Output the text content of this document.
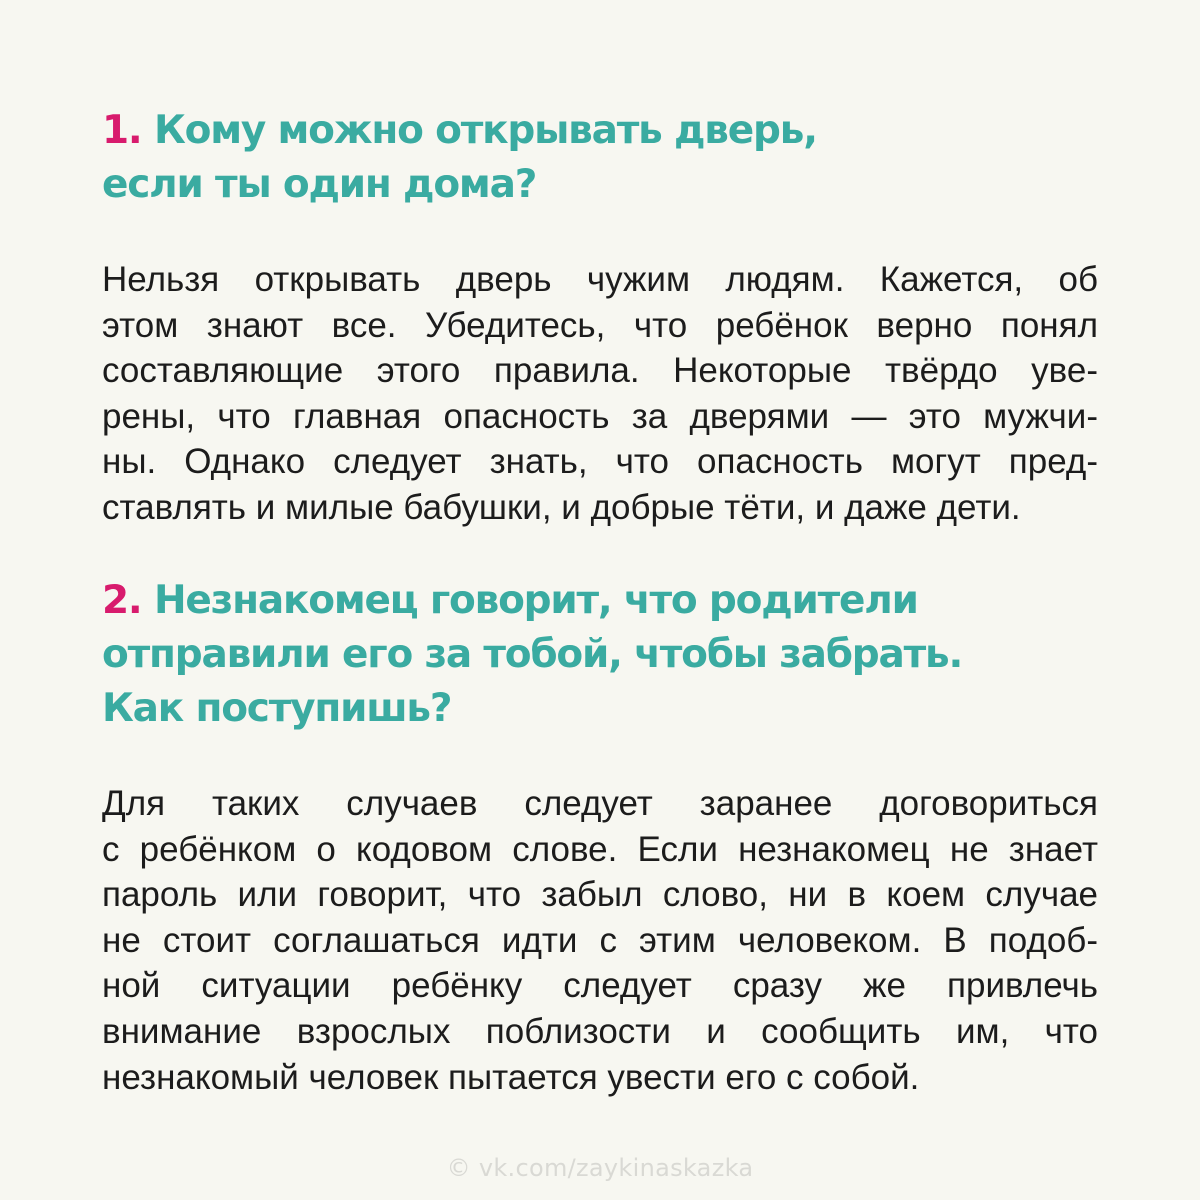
1. Кому можно открывать дверь,
если ты один дома?

Нельзя открывать дверь чужим людям. Кажется, об
этом знают все. Убедитесь, что ребёнок верно понял
составляющие этого правила. Некоторые твёрдо уве-
рены, что главная опасность за дверями — это мужчи-
ны. Однако следует знать, что опасность могут пред-
ставлять и милые бабушки, и добрые тёти, и даже дети.

2. Незнакомец говорит, что родители
отправили его за тобой, чтобы забрать.
Как поступишь?

Для таких случаев следует заранее договориться
с ребёнком о кодовом слове. Если незнакомец не знает
пароль или говорит, что забыл слово, ни в коем случае
не стоит соглашаться идти с этим человеком. В подоб-
ной ситуации ребёнку следует сразу же привлечь
внимание взрослых поблизости и сообщить им, что
незнакомый человек пытается увести его с собой.

© vk.com/zaykinaskazka
